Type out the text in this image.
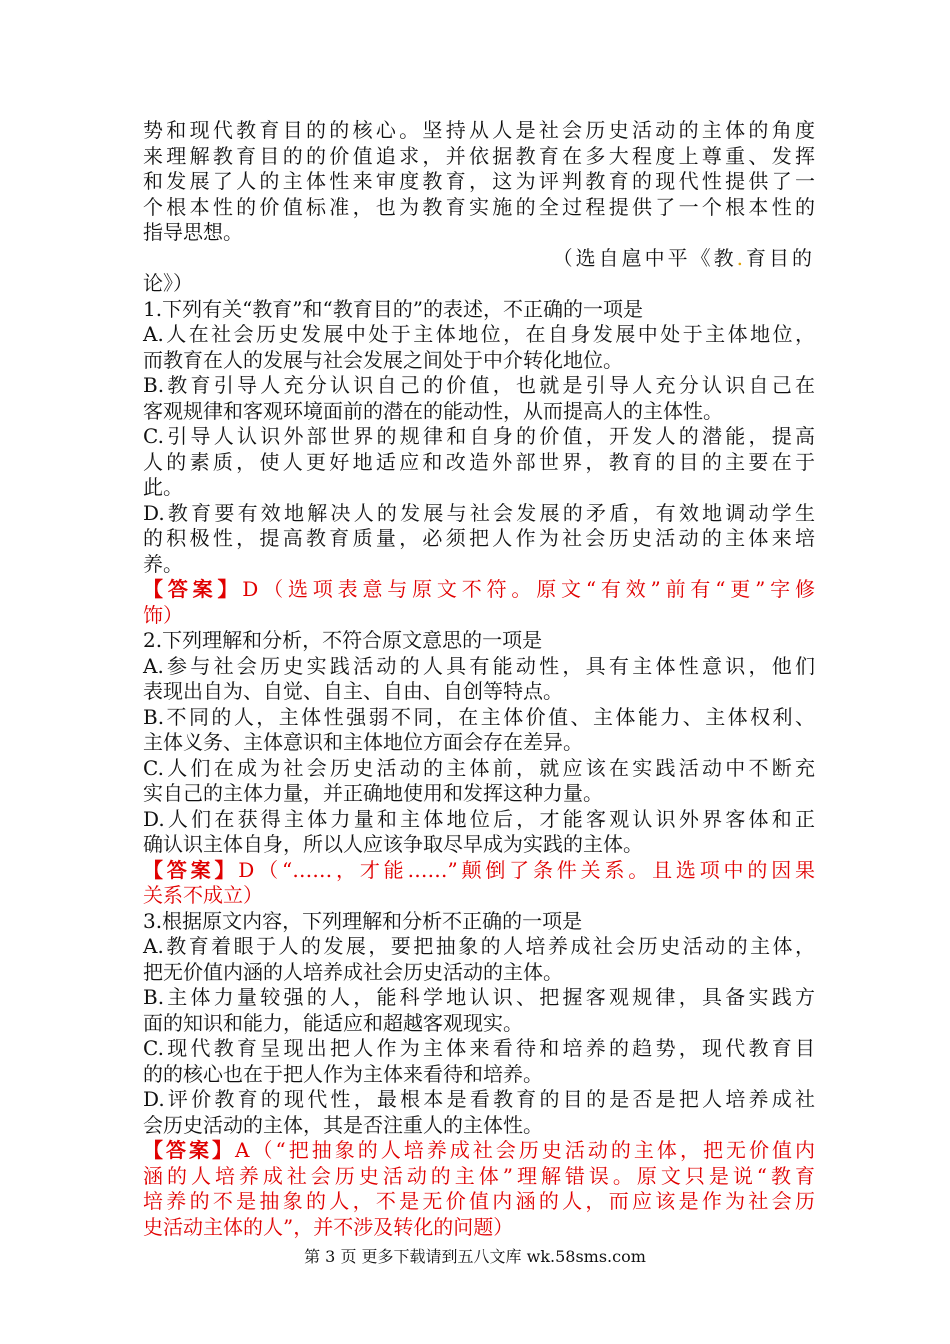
势和现代教育目的的核心。坚持从人是社会历史活动的主体的角度
来理解教育目的的价值追求，并依据教育在多大程度上尊重、发挥
和发展了人的主体性来审度教育，这为评判教育的现代性提供了一
个根本性的价值标准，也为教育实施的全过程提供了一个根本性的
指导思想。
（选自扈中平《教.育目的
论》）
1.下列有关“教育”和“教育目的”的表述，不正确的一项是
A.人在社会历史发展中处于主体地位，在自身发展中处于主体地位，
而教育在人的发展与社会发展之间处于中介转化地位。
B.教育引导人充分认识自己的价值，也就是引导人充分认识自己在
客观规律和客观环境面前的潜在的能动性，从而提高人的主体性。
C.引导人认识外部世界的规律和自身的价值，开发人的潜能，提高
人的素质，使人更好地适应和改造外部世界，教育的目的主要在于
此。
D.教育要有效地解决人的发展与社会发展的矛盾，有效地调动学生
的积极性，提高教育质量，必须把人作为社会历史活动的主体来培
养。
【答案】D（选项表意与原文不符。原文“有效”前有“更”字修
饰）
2.下列理解和分析，不符合原文意思的一项是
A.参与社会历史实践活动的人具有能动性，具有主体性意识，他们
表现出自为、自觉、自主、自由、自创等特点。
B.不同的人，主体性强弱不同，在主体价值、主体能力、主体权利、
主体义务、主体意识和主体地位方面会存在差异。
C.人们在成为社会历史活动的主体前，就应该在实践活动中不断充
实自己的主体力量，并正确地使用和发挥这种力量。
D.人们在获得主体力量和主体地位后，才能客观认识外界客体和正
确认识主体自身，所以人应该争取尽早成为实践的主体。
【答案】D（“……，才能……”颠倒了条件关系。且选项中的因果
关系不成立）
3.根据原文内容，下列理解和分析不正确的一项是
A.教育着眼于人的发展，要把抽象的人培养成社会历史活动的主体，
把无价值内涵的人培养成社会历史活动的主体。
B.主体力量较强的人，能科学地认识、把握客观规律，具备实践方
面的知识和能力，能适应和超越客观现实。
C.现代教育呈现出把人作为主体来看待和培养的趋势，现代教育目
的的核心也在于把人作为主体来看待和培养。
D.评价教育的现代性，最根本是看教育的目的是否是把人培养成社
会历史活动的主体，其是否注重人的主体性。
【答案】A（“把抽象的人培养成社会历史活动的主体，把无价值内
涵的人培养成社会历史活动的主体”理解错误。原文只是说“教育
培养的不是抽象的人，不是无价值内涵的人，而应该是作为社会历
史活动主体的人”，并不涉及转化的问题）
第 3 页 更多下载请到五八文库 wk.58sms.com
